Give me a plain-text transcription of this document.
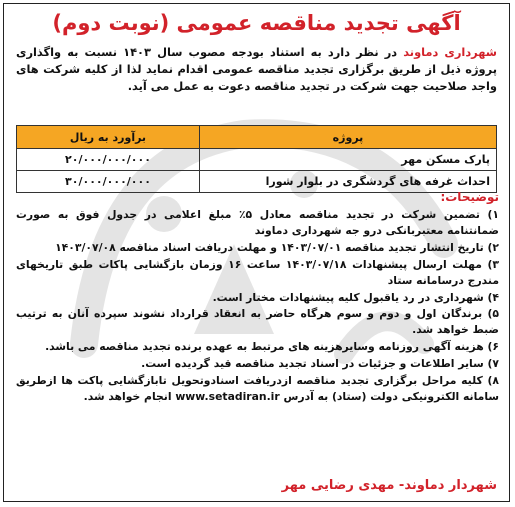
آگهی تجدید مناقصه عمومی (نوبت دوم)
شهرداری دماوند در نظر دارد به استناد بودجه مصوب سال ۱۴۰۳ نسبت به واگذاری پروژه ذیل از طریق برگزاری تجدید مناقصه عمومی اقدام نماید لذا از کلیه شرکت های واجد صلاحیت جهت شرکت در تجدید مناقصه دعوت به عمل می آید.
پروژه	برآورد به ریال
پارک مسکن مهر	۲۰/۰۰۰/۰۰۰/۰۰۰
احداث غرفه های گردشگری در بلوار شورا	۳۰/۰۰۰/۰۰۰/۰۰۰
توضیحات:
۱) تضمین شرکت در تجدید مناقصه معادل ۵٪ مبلغ اعلامی در جدول فوق به صورت ضمانتنامه معتبربانکی درو جه شهرداری دماوند
۲) تاریخ انتشار تجدید مناقصه ۱۴۰۳/۰۷/۰۱ و مهلت دریافت اسناد مناقصه ۱۴۰۳/۰۷/۰۸
۳) مهلت ارسال پیشنهادات ۱۴۰۳/۰۷/۱۸ ساعت ۱۶ وزمان بازگشایی پاکات طبق تاریخهای مندرج درسامانه ستاد
۴) شهرداری در رد یاقبول کلیه پیشنهادات مختار است.
۵) برندگان اول و دوم و سوم هرگاه حاضر به انعقاد قرارداد نشوند سپرده آنان به ترتیب ضبط خواهد شد.
۶) هزینه آگهی روزنامه وسایرهزینه های مرتبط به عهده برنده تجدید مناقصه می باشد.
۷) سایر اطلاعات و جزئیات در اسناد تجدید مناقصه قید گردیده است.
۸) کلیه مراحل برگزاری تجدید مناقصه ازدریافت اسنادوتحویل تابازگشایی پاکت ها ازطریق سامانه الکترونیکی دولت (ستاد) به آدرس www.setadiran.ir انجام خواهد شد.
شهردار دماوند- مهدی رضایی مهر
